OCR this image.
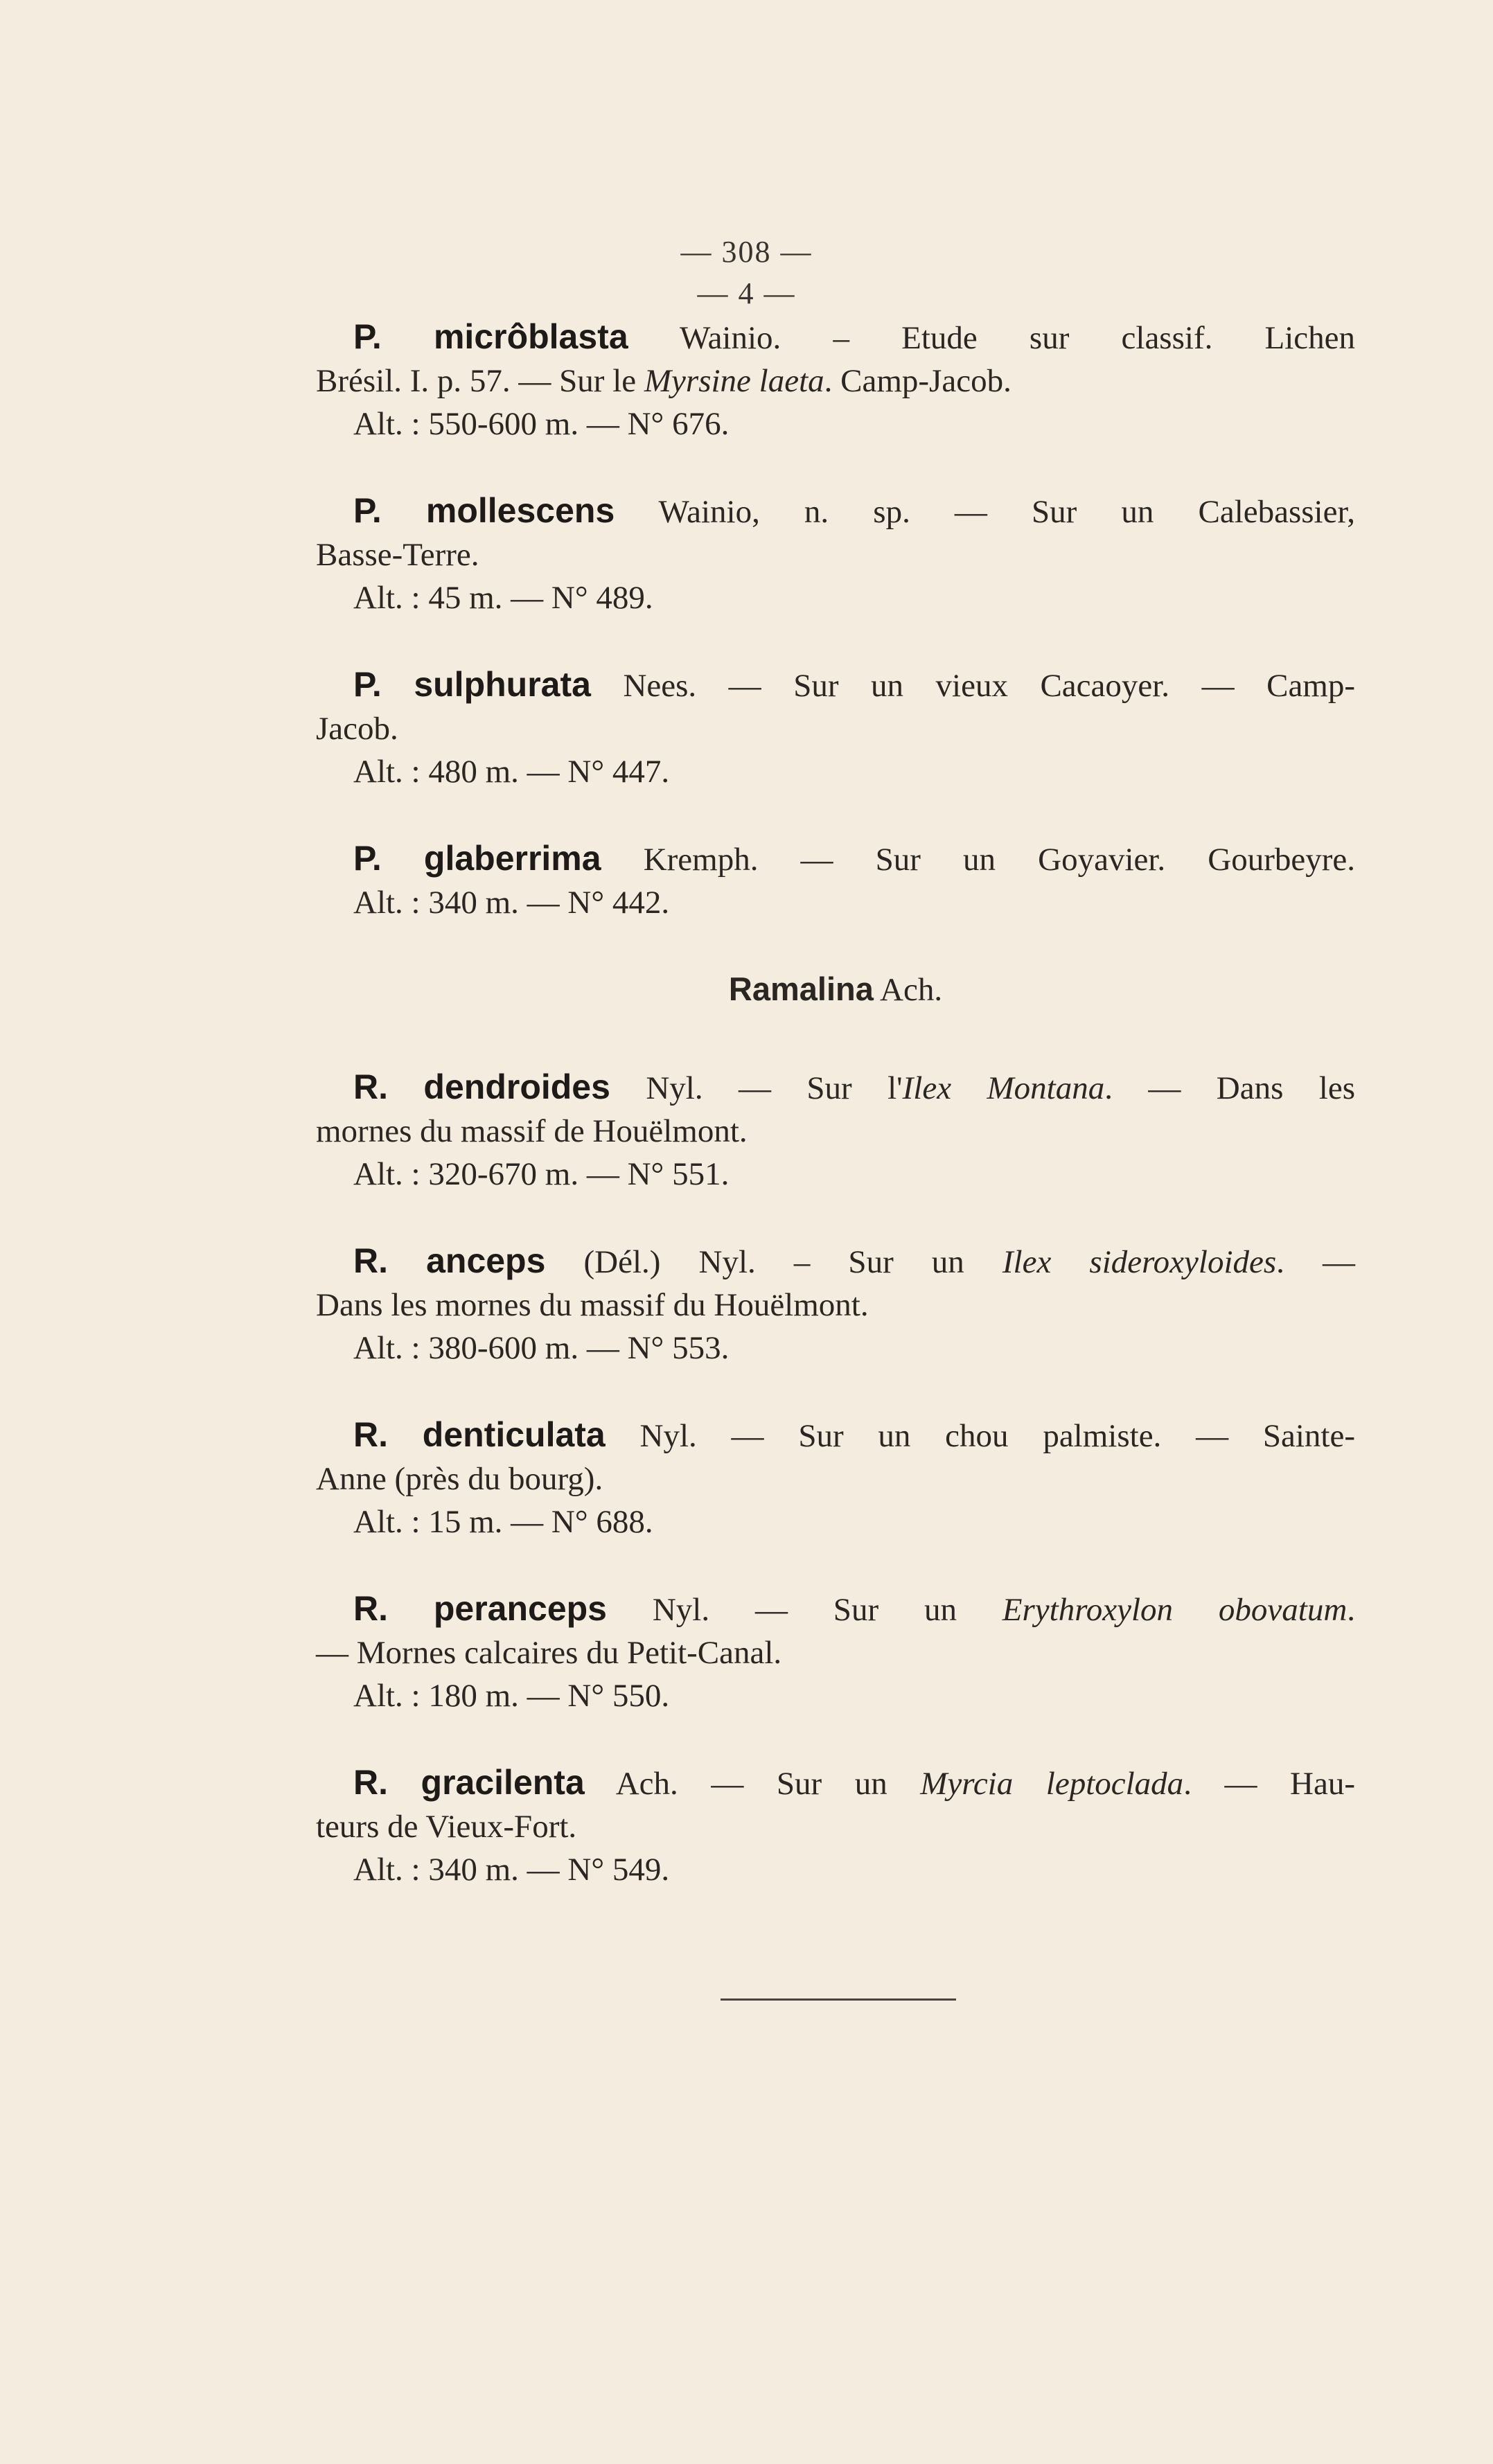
— 308 —
— 4 —
P. micrôblasta Wainio. – Etude sur classif. Lichen
Brésil. I. p. 57. — Sur le Myrsine laeta. Camp-Jacob.
Alt. : 550-600 m. — N° 676.
P. mollescens Wainio, n. sp. — Sur un Calebassier,
Basse-Terre.
Alt. : 45 m. — N° 489.
P. sulphurata Nees. — Sur un vieux Cacaoyer. — Camp-
Jacob.
Alt. : 480 m. — N° 447.
P. glaberrima Kremph. — Sur un Goyavier. Gourbeyre.
Alt. : 340 m. — N° 442.
Ramalina Ach.
R. dendroides Nyl. — Sur l'Ilex Montana. — Dans les
mornes du massif de Houëlmont.
Alt. : 320-670 m. — N° 551.
R. anceps (Dél.) Nyl. – Sur un Ilex sideroxyloides. —
Dans les mornes du massif du Houëlmont.
Alt. : 380-600 m. — N° 553.
R. denticulata Nyl. — Sur un chou palmiste. — Sainte-
Anne (près du bourg).
Alt. : 15 m. — N° 688.
R. peranceps Nyl. — Sur un Erythroxylon obovatum.
— Mornes calcaires du Petit-Canal.
Alt. : 180 m. — N° 550.
R. gracilenta Ach. — Sur un Myrcia leptoclada. — Hau-
teurs de Vieux-Fort.
Alt. : 340 m. — N° 549.
